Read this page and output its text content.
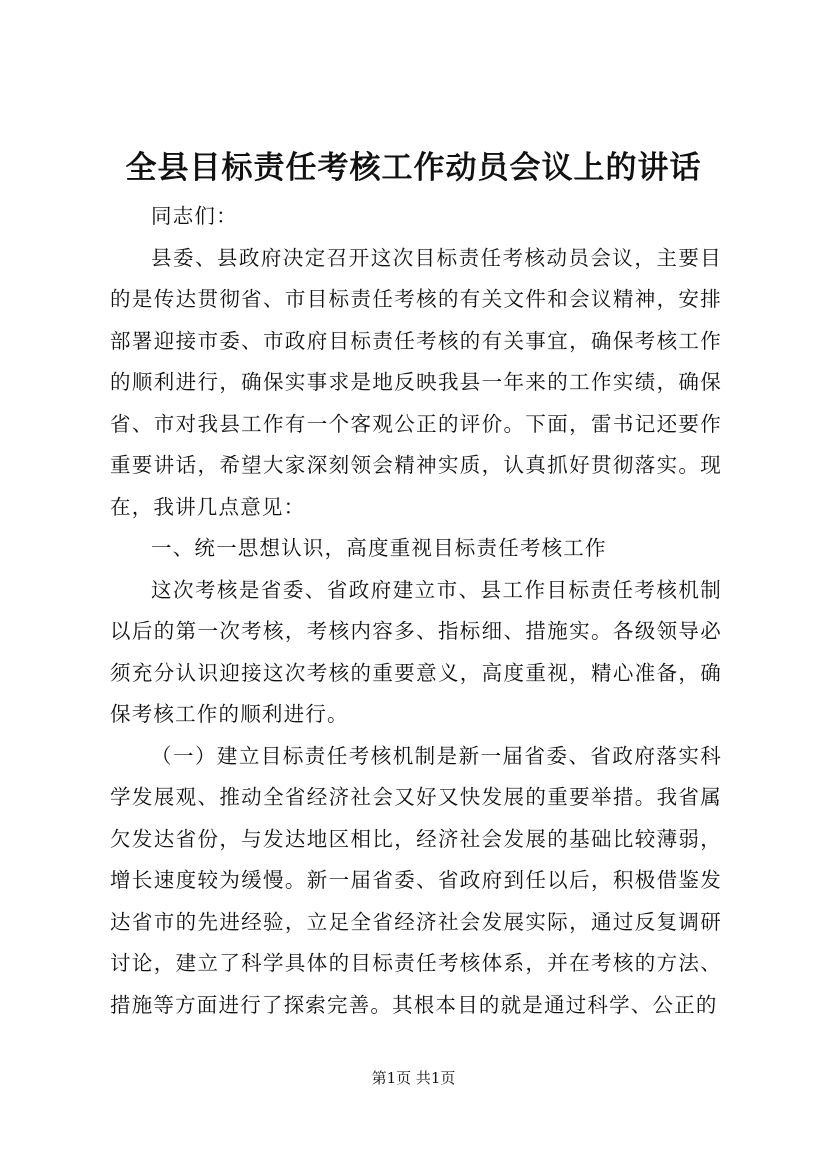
全县目标责任考核工作动员会议上的讲话

同志们：

县委、县政府决定召开这次目标责任考核动员会议，主要目的是传达贯彻省、市目标责任考核的有关文件和会议精神，安排部署迎接市委、市政府目标责任考核的有关事宜，确保考核工作的顺利进行，确保实事求是地反映我县一年来的工作实绩，确保省、市对我县工作有一个客观公正的评价。下面，雷书记还要作重要讲话，希望大家深刻领会精神实质，认真抓好贯彻落实。现在，我讲几点意见：

一、统一思想认识，高度重视目标责任考核工作

这次考核是省委、省政府建立市、县工作目标责任考核机制以后的第一次考核，考核内容多、指标细、措施实。各级领导必须充分认识迎接这次考核的重要意义，高度重视，精心准备，确保考核工作的顺利进行。

（一）建立目标责任考核机制是新一届省委、省政府落实科学发展观、推动全省经济社会又好又快发展的重要举措。我省属欠发达省份，与发达地区相比，经济社会发展的基础比较薄弱，增长速度较为缓慢。新一届省委、省政府到任以后，积极借鉴发达省市的先进经验，立足全省经济社会发展实际，通过反复调研讨论，建立了科学具体的目标责任考核体系，并在考核的方法、措施等方面进行了探索完善。其根本目的就是通过科学、公正的

第1页 共1页
